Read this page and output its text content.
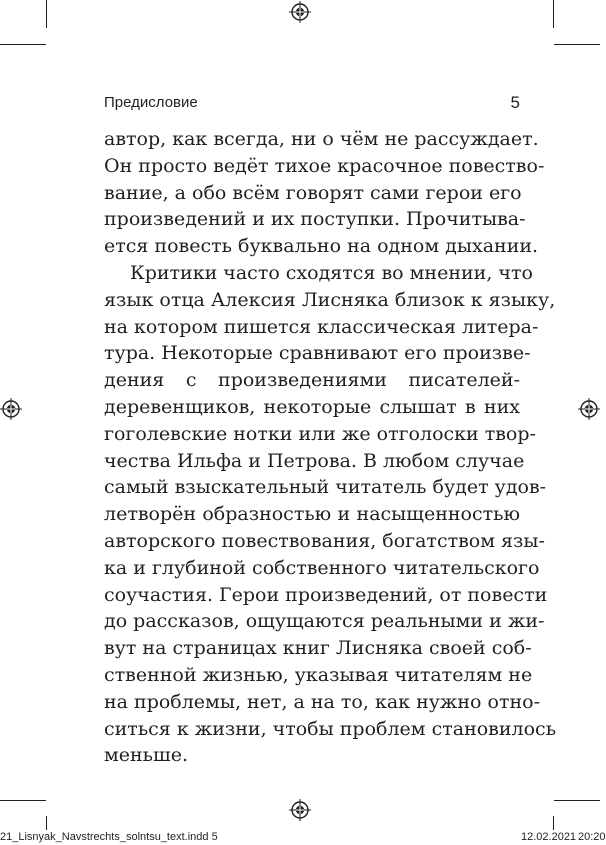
Предисловие	5
автор, как всегда, ни о чём не рассуждает.
Он просто ведёт тихое красочное повество-
вание, а обо всём говорят сами герои его
произведений и их поступки. Прочитыва-
ется повесть буквально на одном дыхании.
Критики часто сходятся во мнении, что
язык отца Алексия Лисняка близок к языку,
на котором пишется классическая литера-
тура. Некоторые сравнивают его произве-
дения с произведениями писателей-
деревенщиков, некоторые слышат в них
гоголевские нотки или же отголоски твор-
чества Ильфа и Петрова. В любом случае
самый взыскательный читатель будет удов-
летворён образностью и насыщенностью
авторского повествования, богатством язы-
ка и глубиной собственного читательского
соучастия. Герои произведений, от повести
до рассказов, ощущаются реальными и жи-
вут на страницах книг Лисняка своей соб-
ственной жизнью, указывая читателям не
на проблемы, нет, а на то, как нужно отно-
ситься к жизни, чтобы проблем становилось
меньше.
21_Lisnyak_Navstrechts_solntsu_text.indd 5	12.02.2021 20:20
